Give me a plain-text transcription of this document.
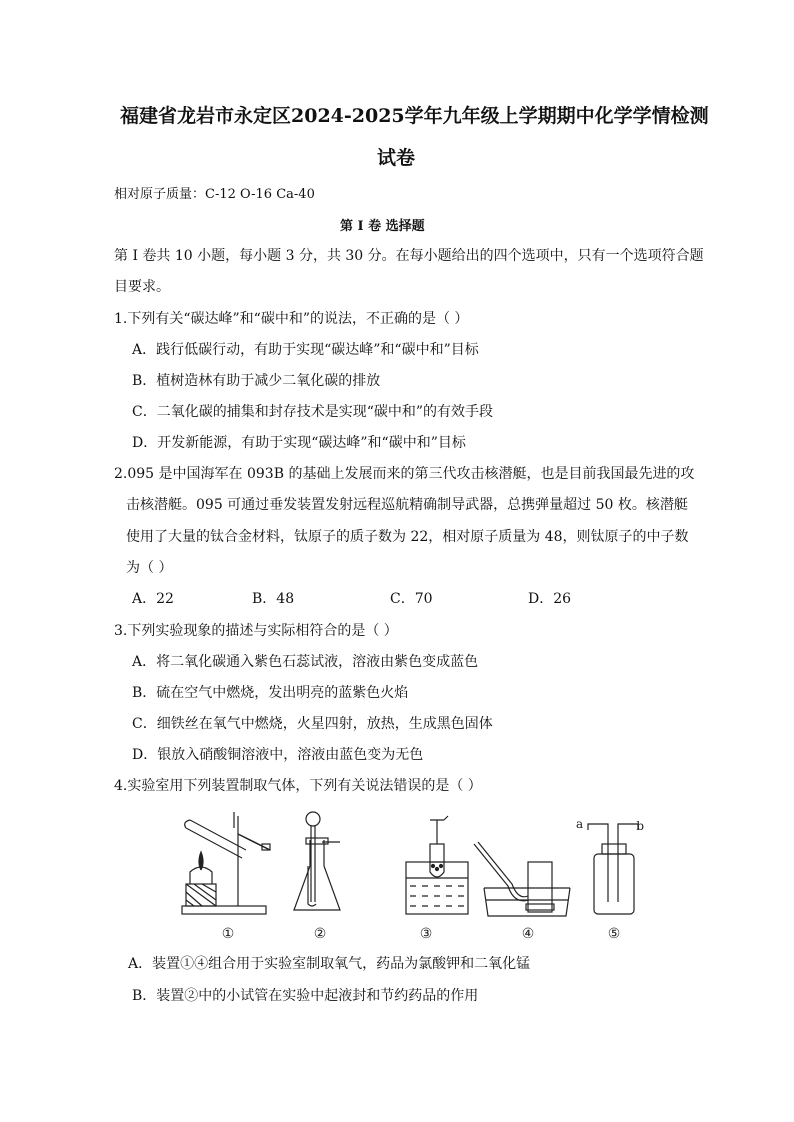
福建省龙岩市永定区2024-2025学年九年级上学期期中化学学情检测
试卷
相对原子质量：C-12 O-16 Ca-40
第 I 卷 选择题
第 I 卷共 10 小题，每小题 3 分，共 30 分。在每小题给出的四个选项中，只有一个选项符合题
目要求。
1.下列有关“碳达峰”和“碳中和”的说法，不正确的是（ ）
A．践行低碳行动，有助于实现“碳达峰”和“碳中和”目标
B．植树造林有助于减少二氧化碳的排放
C．二氧化碳的捕集和封存技术是实现“碳中和”的有效手段
D．开发新能源，有助于实现“碳达峰”和“碳中和”目标
2.095 是中国海军在 093B 的基础上发展而来的第三代攻击核潜艇，也是目前我国最先进的攻
击核潜艇。095 可通过垂发装置发射远程巡航精确制导武器，总携弹量超过 50 枚。核潜艇
使用了大量的钛合金材料，钛原子的质子数为 22，相对原子质量为 48，则钛原子的中子数
为（ ）
A．22	B．48	C．70	D．26
3.下列实验现象的描述与实际相符合的是（ ）
A．将二氧化碳通入紫色石蕊试液，溶液由紫色变成蓝色
B．硫在空气中燃烧，发出明亮的蓝紫色火焰
C．细铁丝在氧气中燃烧，火星四射，放热，生成黑色固体
D．银放入硝酸铜溶液中，溶液由蓝色变为无色
4.实验室用下列装置制取气体，下列有关说法错误的是（ ）
a	b
①	②	③	④	⑤
A．装置①④组合用于实验室制取氧气，药品为氯酸钾和二氧化锰
B．装置②中的小试管在实验中起液封和节约药品的作用
